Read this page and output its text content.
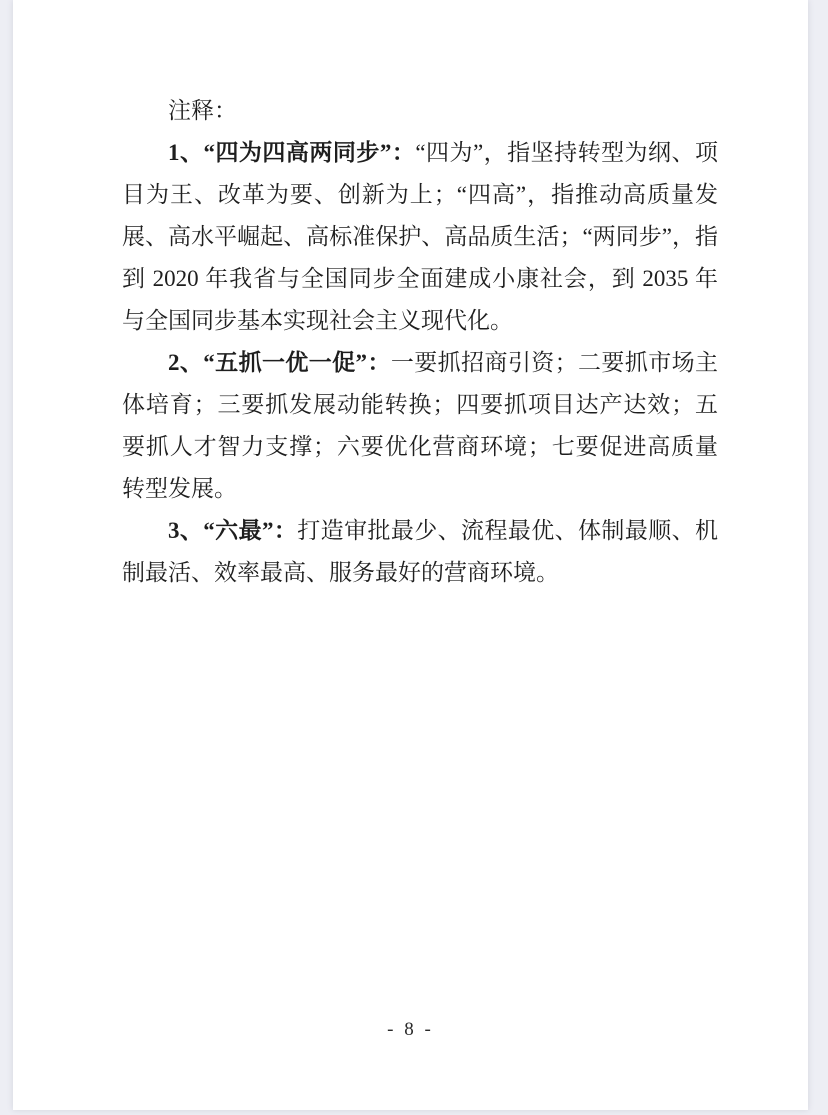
注释：

1、“四为四高两同步”：“四为”，指坚持转型为纲、项目为王、改革为要、创新为上；“四高”，指推动高质量发展、高水平崛起、高标准保护、高品质生活；“两同步”，指到 2020 年我省与全国同步全面建成小康社会，到 2035 年与全国同步基本实现社会主义现代化。

2、“五抓一优一促”：一要抓招商引资；二要抓市场主体培育；三要抓发展动能转换；四要抓项目达产达效；五要抓人才智力支撑；六要优化营商环境；七要促进高质量转型发展。

3、“六最”：打造审批最少、流程最优、体制最顺、机制最活、效率最高、服务最好的营商环境。

- 8 -
